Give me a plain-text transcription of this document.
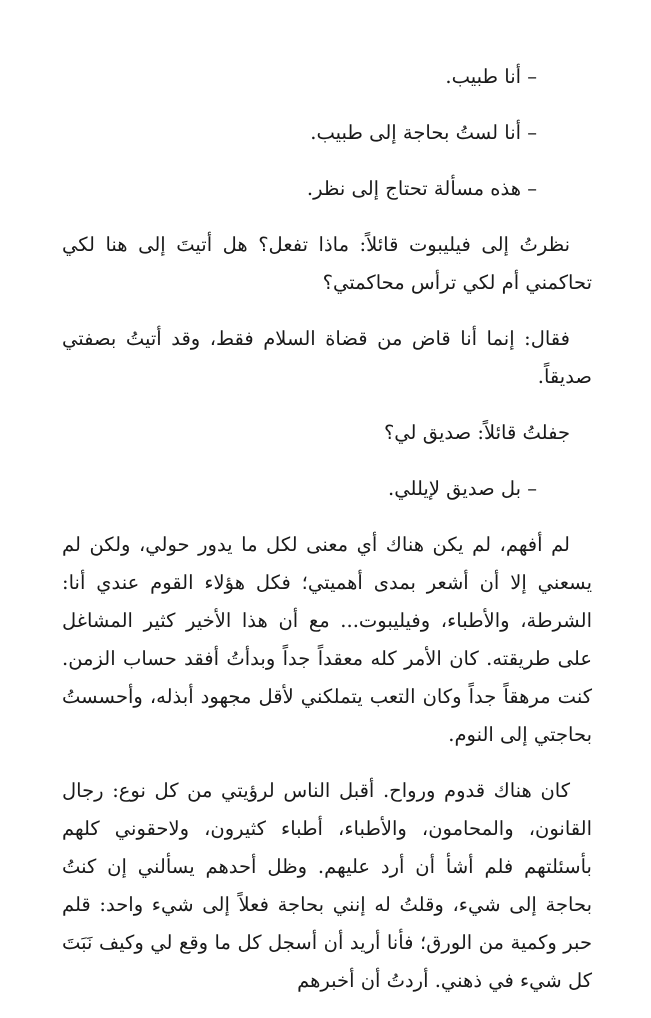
– أنا طبيب.

– أنا لستُ بحاجة إلى طبيب.

– هذه مسألة تحتاج إلى نظر.

نظرتُ إلى فيليبوت قائلاً: ماذا تفعل؟ هل أتيتَ إلى هنا لكي تحاكمني أم لكي ترأس محاكمتي؟

فقال: إنما أنا قاض من قضاة السلام فقط، وقد أتيتُ بصفتي صديقاً.

جفلتُ قائلاً: صديق لي؟

– بل صديق لإيللي.

لم أفهم، لم يكن هناك أي معنى لكل ما يدور حولي، ولكن لم يسعني إلا أن أشعر بمدى أهميتي؛ فكل هؤلاء القوم عندي أنا: الشرطة، والأطباء، وفيليبوت... مع أن هذا الأخير كثير المشاغل على طريقته. كان الأمر كله معقداً جداً وبدأتُ أفقد حساب الزمن. كنت مرهقاً جداً وكان التعب يتملكني لأقل مجهود أبذله، وأحسستُ بحاجتي إلى النوم.

كان هناك قدوم ورواح. أقبل الناس لرؤيتي من كل نوع: رجال القانون، والمحامون، والأطباء، أطباء كثيرون، ولاحقوني كلهم بأسئلتهم فلم أشأ أن أرد عليهم. وظل أحدهم يسألني إن كنتُ بحاجة إلى شيء، وقلتُ له إنني بحاجة فعلاً إلى شيء واحد: قلم حبر وكمية من الورق؛ فأنا أريد أن أسجل كل ما وقع لي وكيف نَبَتَ كل شيء في ذهني. أردتُ أن أخبرهم
